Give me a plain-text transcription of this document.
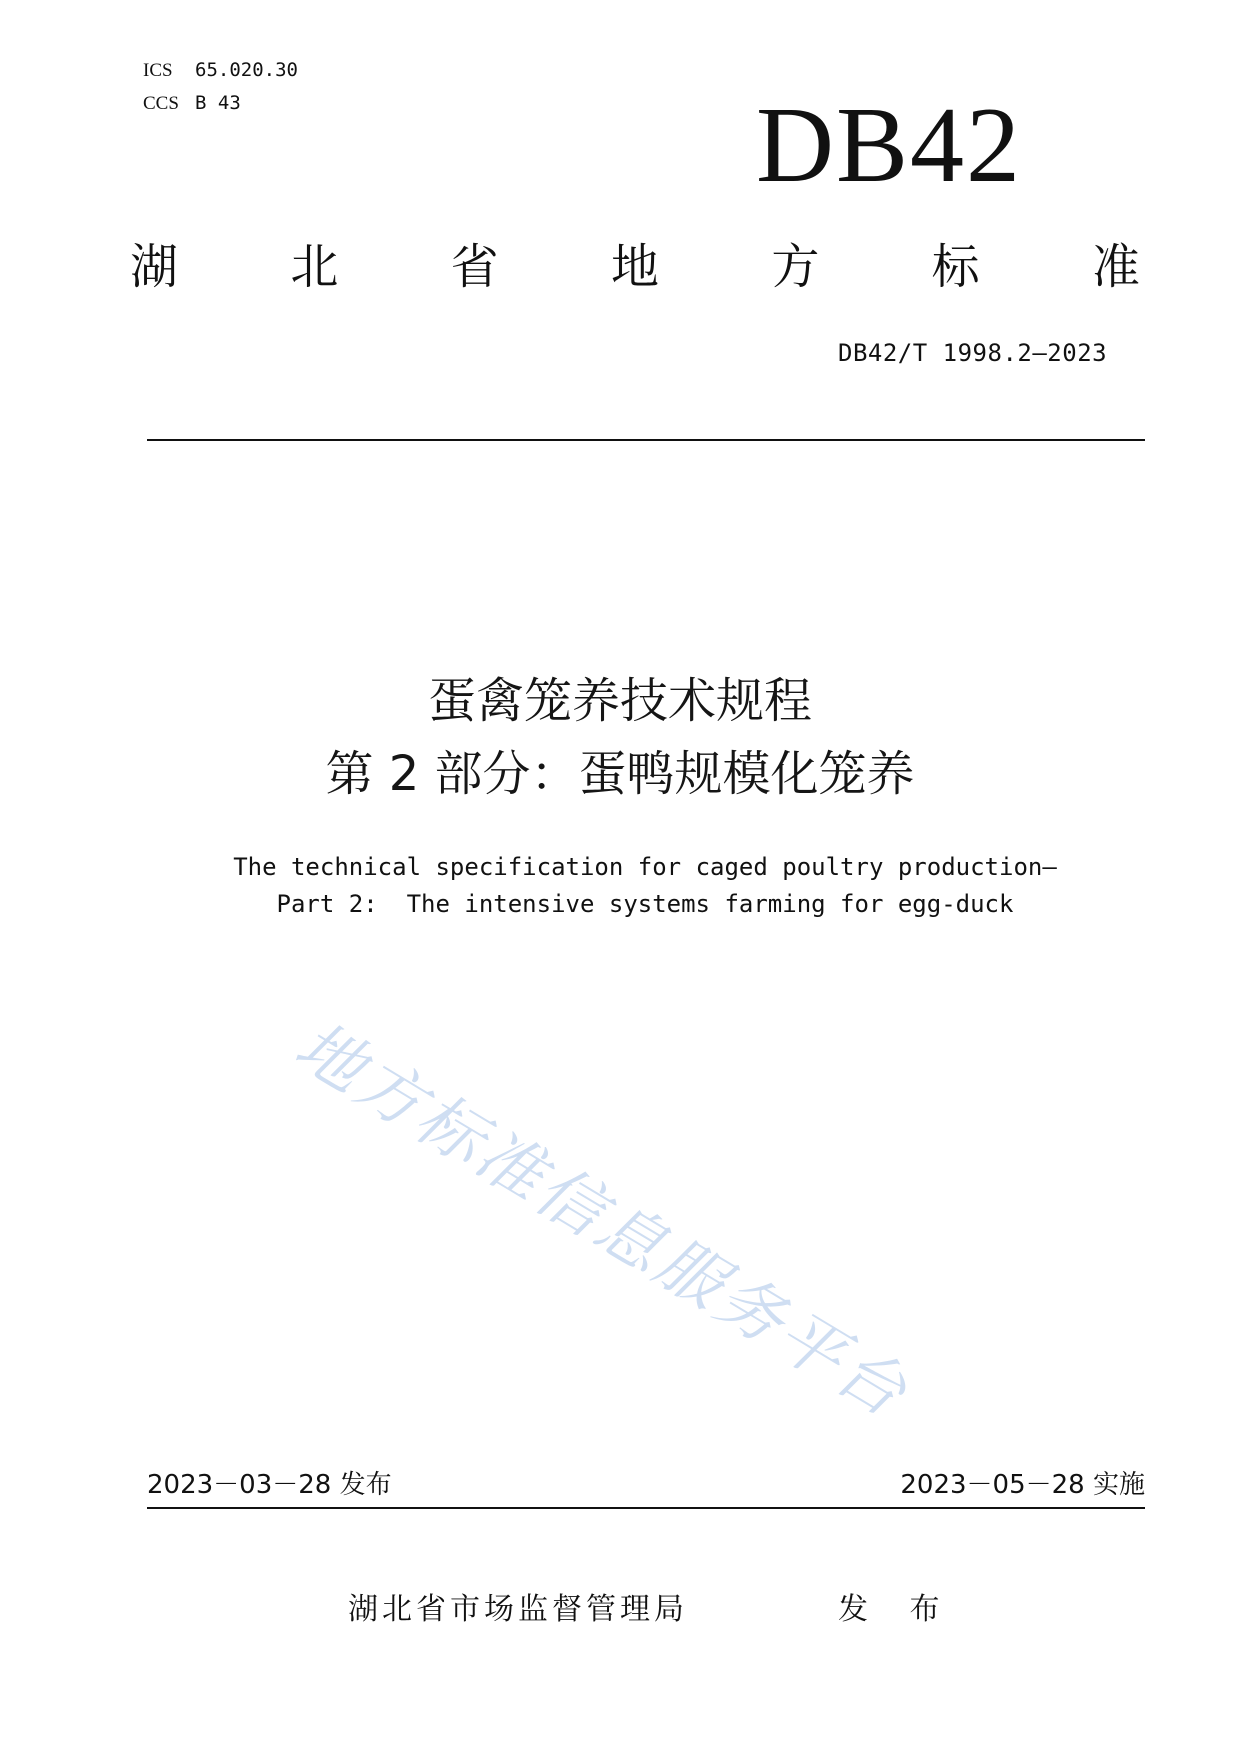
ICS 65.020.30
CCS B 43	DB42
湖 北 省 地 方 标 准
DB42/T 1998.2—2023
蛋禽笼养技术规程
第 2 部分：蛋鸭规模化笼养
The technical specification for caged poultry production—
Part 2:  The intensive systems farming for egg-duck
地方标准信息服务平台
2023－03－28 发布	2023－05－28 实施
湖北省市场监督管理局	发 布
